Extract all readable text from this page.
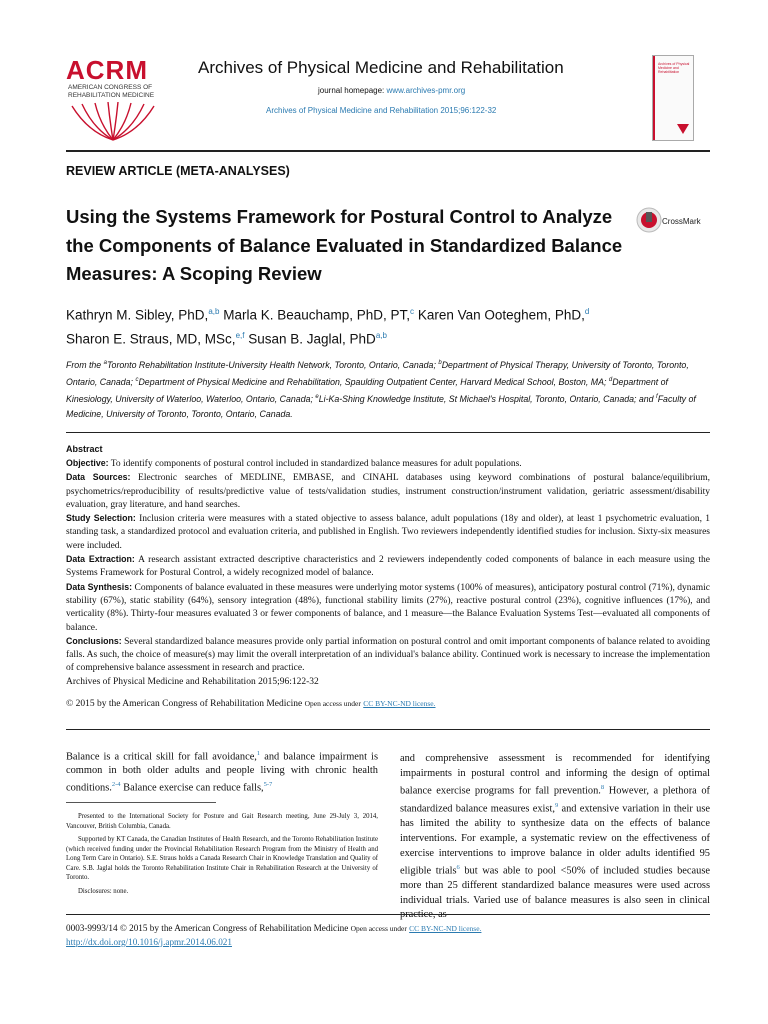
ACRM
AMERICAN CONGRESS OF REHABILITATION MEDICINE
Archives of Physical Medicine and Rehabilitation
journal homepage: www.archives-pmr.org
Archives of Physical Medicine and Rehabilitation 2015;96:122-32
Archives of Physical Medicine and Rehabilitation
REVIEW ARTICLE (META-ANALYSES)
Using the Systems Framework for Postural Control to Analyze the Components of Balance Evaluated in Standardized Balance Measures: A Scoping Review
CrossMark
Kathryn M. Sibley, PhD,$^{a,b}$ Marla K. Beauchamp, PhD, PT,$^c$ Karen Van Ooteghem, PhD,$^d$
Sharon E. Straus, MD, MSc,$^{e,f}$ Susan B. Jaglal, PhD$^{a,b}$
From the $^a$Toronto Rehabilitation Institute-University Health Network, Toronto, Ontario, Canada; $^b$Department of Physical Therapy, University of Toronto, Toronto, Ontario, Canada; $^c$Department of Physical Medicine and Rehabilitation, Spaulding Outpatient Center, Harvard Medical School, Boston, MA; $^d$Department of Kinesiology, University of Waterloo, Waterloo, Ontario, Canada; $^e$Li-Ka-Shing Knowledge Institute, St Michael's Hospital, Toronto, Ontario, Canada; and $^f$Faculty of Medicine, University of Toronto, Toronto, Ontario, Canada.
Abstract

Objective: To identify components of postural control included in standardized balance measures for adult populations.

Data Sources: Electronic searches of MEDLINE, EMBASE, and CINAHL databases using keyword combinations of postural balance/equilibrium, psychometrics/reproducibility of results/predictive value of tests/validation studies, instrument construction/instrument validation, geriatric assessment/disability evaluation, gray literature, and hand searches.

Study Selection: Inclusion criteria were measures with a stated objective to assess balance, adult populations (18y and older), at least 1 psychometric evaluation, 1 standing task, a standardized protocol and evaluation criteria, and published in English. Two reviewers independently identified studies for inclusion. Sixty-six measures were included.

Data Extraction: A research assistant extracted descriptive characteristics and 2 reviewers independently coded components of balance in each measure using the Systems Framework for Postural Control, a widely recognized model of balance.

Data Synthesis: Components of balance evaluated in these measures were underlying motor systems (100% of measures), anticipatory postural control (71%), dynamic stability (67%), static stability (64%), sensory integration (48%), functional stability limits (27%), reactive postural control (23%), cognitive influences (17%), and verticality (8%). Thirty-four measures evaluated 3 or fewer components of balance, and 1 measure—the Balance Evaluation Systems Test—evaluated all components of balance.

Conclusions: Several standardized balance measures provide only partial information on postural control and omit important components of balance related to avoiding falls. As such, the choice of measure(s) may limit the overall interpretation of an individual's balance ability. Continued work is necessary to increase the implementation of comprehensive balance assessment in research and practice.

Archives of Physical Medicine and Rehabilitation 2015;96:122-32

© 2015 by the American Congress of Rehabilitation Medicine Open access under CC BY-NC-ND license.
Balance is a critical skill for fall avoidance,$^1$ and balance impairment is common in both older adults and people living with chronic health conditions.$^{2-4}$ Balance exercise can reduce falls,$^{5-7}$
and comprehensive assessment is recommended for identifying impairments in postural control and informing the design of optimal balance exercise programs for fall prevention.$^8$ However, a plethora of standardized balance measures exist,$^9$ and extensive variation in their use has limited the ability to synthesize data on the effects of balance interventions. For example, a systematic review on the effectiveness of exercise interventions to improve balance in older adults identified 95 eligible trials$^6$ but was able to pool <50% of included studies because more than 25 different standardized balance measures were used across individual trials. Varied use of balance measures is also seen in clinical

Presented to the International Society for Posture and Gait Research meeting, June 29-July 3, 2014, Vancouver, British Columbia, Canada.

Supported by KT Canada, the Canadian Institutes of Health Research, and the Toronto Rehabilitation Institute (which received funding under the Provincial Rehabilitation Research Program from the Ministry of Health and Long Term Care in Ontario). S.E. Straus holds a Canada Research Chair in Knowledge Translation and Quality of Care. S.B. Jaglal holds the Toronto Rehabilitation Institute Chair in Rehabilitation Research at the University of Toronto.

Disclosures: none.

0003-9993/14 © 2015 by the American Congress of Rehabilitation Medicine Open access under CC BY-NC-ND license.
http://dx.doi.org/10.1016/j.apmr.2014.06.021
